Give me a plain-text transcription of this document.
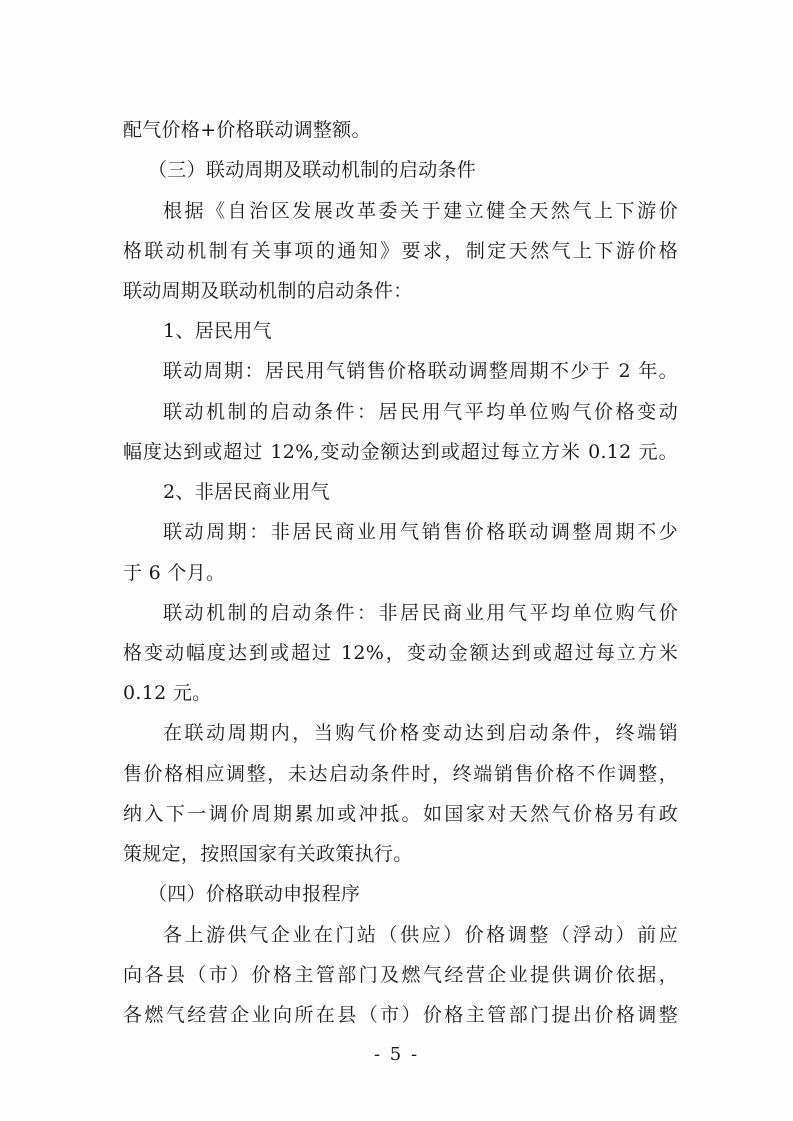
配气价格+价格联动调整额。
（三）联动周期及联动机制的启动条件
根据《自治区发展改革委关于建立健全天然气上下游价
格联动机制有关事项的通知》要求，制定天然气上下游价格
联动周期及联动机制的启动条件：
1、居民用气
联动周期：居民用气销售价格联动调整周期不少于 2 年。
联动机制的启动条件：居民用气平均单位购气价格变动
幅度达到或超过 12%,变动金额达到或超过每立方米 0.12 元。
2、非居民商业用气
联动周期：非居民商业用气销售价格联动调整周期不少
于 6 个月。
联动机制的启动条件：非居民商业用气平均单位购气价
格变动幅度达到或超过 12%，变动金额达到或超过每立方米
0.12 元。
在联动周期内，当购气价格变动达到启动条件，终端销
售价格相应调整，未达启动条件时，终端销售价格不作调整，
纳入下一调价周期累加或冲抵。如国家对天然气价格另有政
策规定，按照国家有关政策执行。
（四）价格联动申报程序
各上游供气企业在门站（供应）价格调整（浮动）前应
向各县（市）价格主管部门及燃气经营企业提供调价依据，
各燃气经营企业向所在县（市）价格主管部门提出价格调整
- 5 -
